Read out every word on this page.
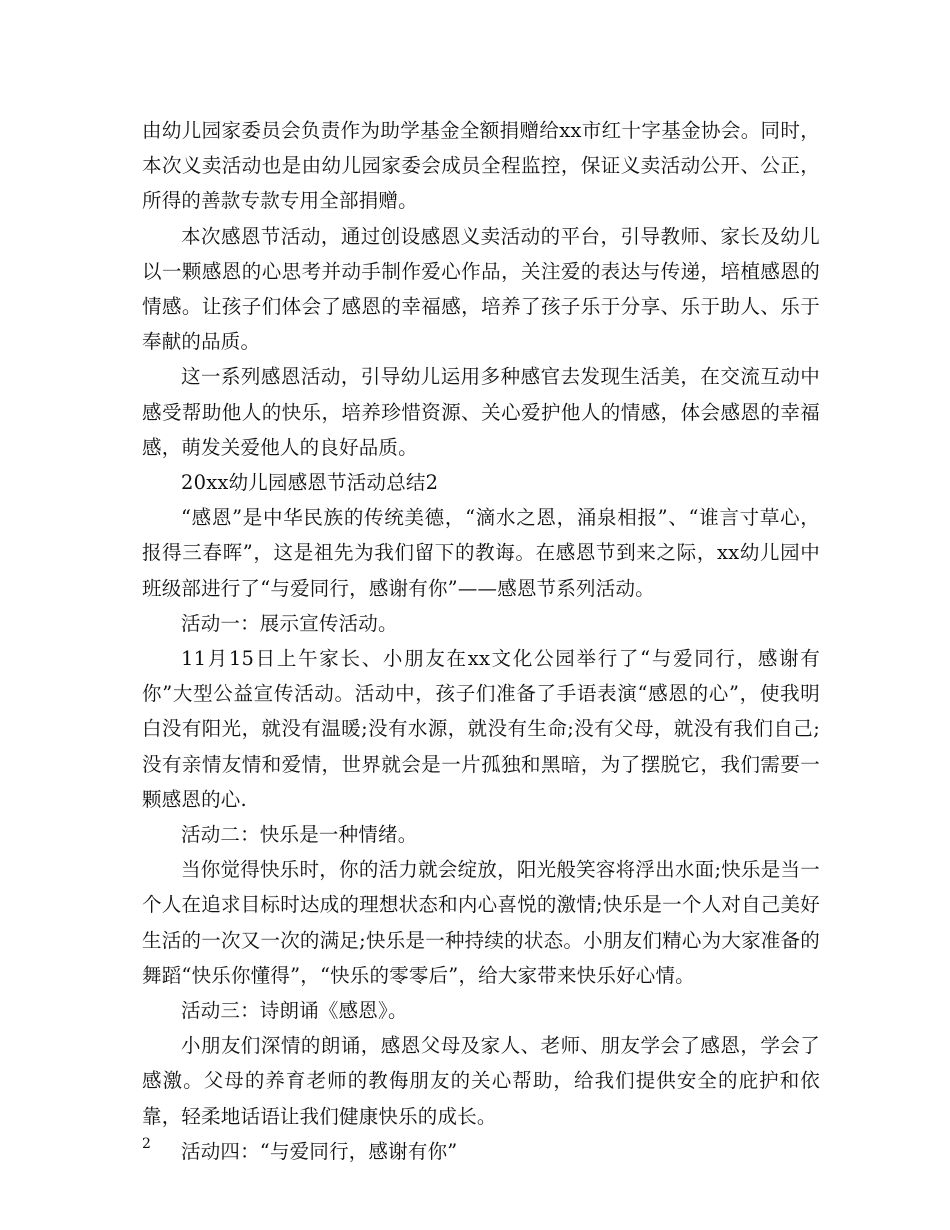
由幼儿园家委员会负责作为助学基金全额捐赠给xx市红十字基金协会。同时，本次义卖活动也是由幼儿园家委会成员全程监控，保证义卖活动公开、公正，所得的善款专款专用全部捐赠。

本次感恩节活动，通过创设感恩义卖活动的平台，引导教师、家长及幼儿以一颗感恩的心思考并动手制作爱心作品，关注爱的表达与传递，培植感恩的情感。让孩子们体会了感恩的幸福感，培养了孩子乐于分享、乐于助人、乐于奉献的品质。

这一系列感恩活动，引导幼儿运用多种感官去发现生活美，在交流互动中感受帮助他人的快乐，培养珍惜资源、关心爱护他人的情感，体会感恩的幸福感，萌发关爱他人的良好品质。

20xx幼儿园感恩节活动总结2

“感恩”是中华民族的传统美德，“滴水之恩，涌泉相报”、“谁言寸草心，报得三春晖”，这是祖先为我们留下的教诲。在感恩节到来之际，xx幼儿园中班级部进行了“与爱同行，感谢有你”——感恩节系列活动。

活动一：展示宣传活动。

11月15日上午家长、小朋友在xx文化公园举行了“与爱同行，感谢有你”大型公益宣传活动。活动中，孩子们准备了手语表演“感恩的心”，使我明白没有阳光，就没有温暖;没有水源，就没有生命;没有父母，就没有我们自己;没有亲情友情和爱情，世界就会是一片孤独和黑暗，为了摆脱它，我们需要一颗感恩的心.

活动二：快乐是一种情绪。

当你觉得快乐时，你的活力就会绽放，阳光般笑容将浮出水面;快乐是当一个人在追求目标时达成的理想状态和内心喜悦的激情;快乐是一个人对自己美好生活的一次又一次的满足;快乐是一种持续的状态。小朋友们精心为大家准备的舞蹈“快乐你懂得”，“快乐的零零后”，给大家带来快乐好心情。

活动三：诗朗诵《感恩》。

小朋友们深情的朗诵，感恩父母及家人、老师、朋友学会了感恩，学会了感激。父母的养育老师的教侮朋友的关心帮助，给我们提供安全的庇护和依靠，轻柔地话语让我们健康快乐的成长。

活动四：“与爱同行，感谢有你”

2
